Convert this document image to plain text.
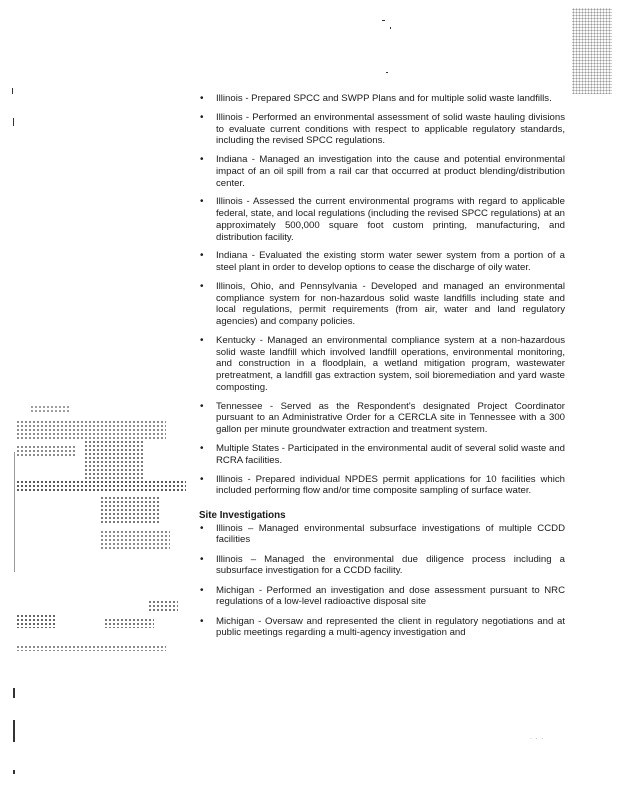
• Illinois - Prepared SPCC and SWPP Plans and for multiple solid waste landfills.
• Illinois - Performed an environmental assessment of solid waste hauling divisions to evaluate current conditions with respect to applicable regulatory standards, including the revised SPCC regulations.
• Indiana - Managed an investigation into the cause and potential environmental impact of an oil spill from a rail car that occurred at product blending/distribution center.
• Illinois - Assessed the current environmental programs with regard to applicable federal, state, and local regulations (including the revised SPCC regulations) at an approximately 500,000 square foot custom printing, manufacturing, and distribution facility.
• Indiana - Evaluated the existing storm water sewer system from a portion of a steel plant in order to develop options to cease the discharge of oily water.
• Illinois, Ohio, and Pennsylvania - Developed and managed an environmental compliance system for non-hazardous solid waste landfills including state and local regulations, permit requirements (from air, water and land regulatory agencies) and company policies.
• Kentucky - Managed an environmental compliance system at a non-hazardous solid waste landfill which involved landfill operations, environmental monitoring, and construction in a floodplain, a wetland mitigation program, wastewater pretreatment, a landfill gas extraction system, soil bioremediation and yard waste composting.
• Tennessee - Served as the Respondent's designated Project Coordinator pursuant to an Administrative Order for a CERCLA site in Tennessee with a 300 gallon per minute groundwater extraction and treatment system.
• Multiple States - Participated in the environmental audit of several solid waste and RCRA facilities.
• Illinois - Prepared individual NPDES permit applications for 10 facilities which included performing flow and/or time composite sampling of surface water.
Site Investigations
• Illinois – Managed environmental subsurface investigations of multiple CCDD facilities
• Illinois – Managed the environmental due diligence process including a subsurface investigation for a CCDD facility.
• Michigan - Performed an investigation and dose assessment pursuant to NRC regulations of a low-level radioactive disposal site
• Michigan - Oversaw and represented the client in regulatory negotiations and at public meetings regarding a multi-agency investigation and
· · ·
